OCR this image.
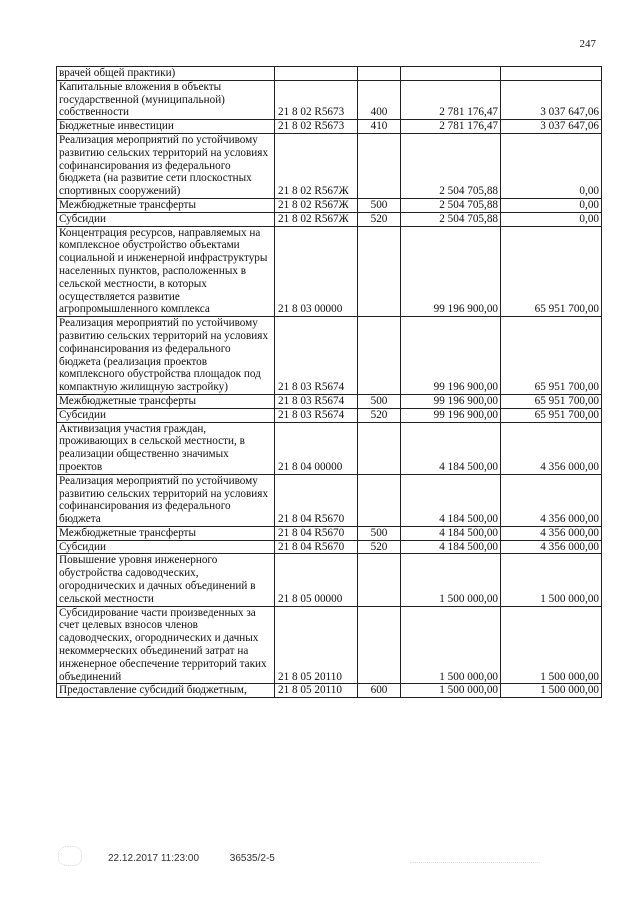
247
врачей общей практики)				
Капитальные вложения в объекты государственной (муниципальной) собственности	21 8 02 R5673	400	2 781 176,47	3 037 647,06
Бюджетные инвестиции	21 8 02 R5673	410	2 781 176,47	3 037 647,06
Реализация мероприятий по устойчивому развитию сельских территорий на условиях софинансирования из федерального бюджета (на развитие сети плоскостных спортивных сооружений)	21 8 02 R567Ж		2 504 705,88	0,00
Межбюджетные трансферты	21 8 02 R567Ж	500	2 504 705,88	0,00
Субсидии	21 8 02 R567Ж	520	2 504 705,88	0,00
Концентрация ресурсов, направляемых на комплексное обустройство объектами социальной и инженерной инфраструктуры населенных пунктов, расположенных в сельской местности, в которых осуществляется развитие агропромышленного комплекса	21 8 03 00000		99 196 900,00	65 951 700,00
Реализация мероприятий по устойчивому развитию сельских территорий на условиях софинансирования из федерального бюджета (реализация проектов комплексного обустройства площадок под компактную жилищную застройку)	21 8 03 R5674		99 196 900,00	65 951 700,00
Межбюджетные трансферты	21 8 03 R5674	500	99 196 900,00	65 951 700,00
Субсидии	21 8 03 R5674	520	99 196 900,00	65 951 700,00
Активизация участия граждан, проживающих в сельской местности, в реализации общественно значимых проектов	21 8 04 00000		4 184 500,00	4 356 000,00
Реализация мероприятий по устойчивому развитию сельских территорий на условиях софинансирования из федерального бюджета	21 8 04 R5670		4 184 500,00	4 356 000,00
Межбюджетные трансферты	21 8 04 R5670	500	4 184 500,00	4 356 000,00
Субсидии	21 8 04 R5670	520	4 184 500,00	4 356 000,00
Повышение уровня инженерного обустройства садоводческих, огороднических и дачных объединений в сельской местности	21 8 05 00000		1 500 000,00	1 500 000,00
Субсидирование части произведенных за счет целевых взносов членов садоводческих, огороднических и дачных некоммерческих объединений затрат на инженерное обеспечение территорий таких объединений	21 8 05 20110		1 500 000,00	1 500 000,00
Предоставление субсидий бюджетным,	21 8 05 20110	600	1 500 000,00	1 500 000,00
22.12.2017 11:23:00	36535/2-5
